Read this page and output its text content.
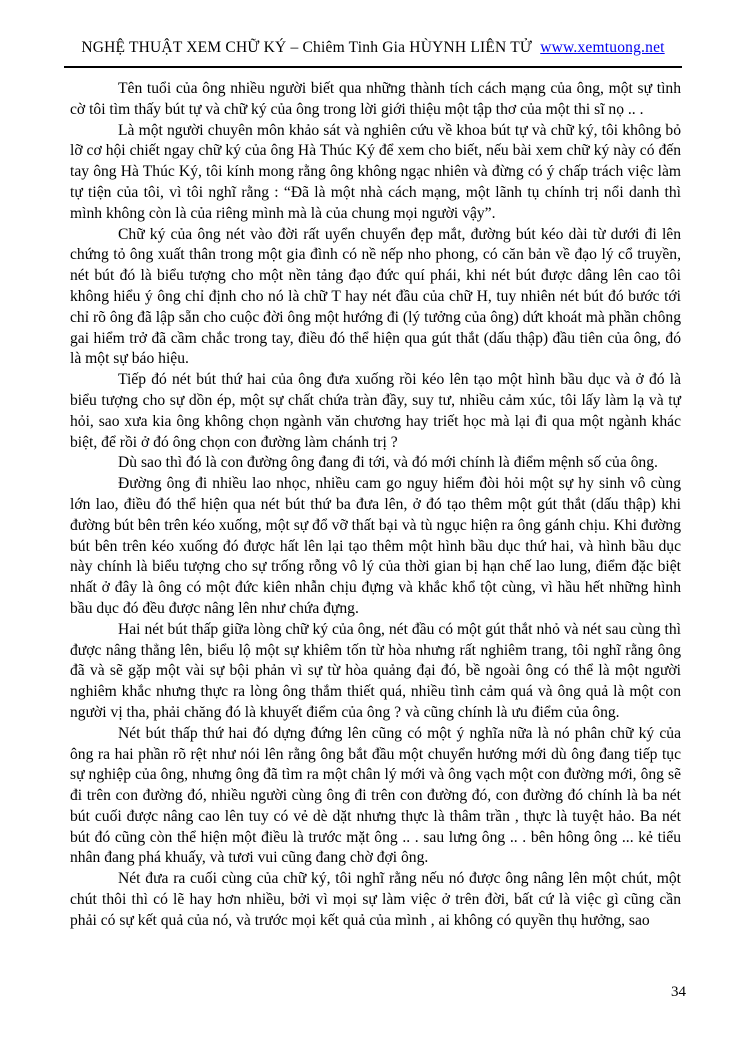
NGHỆ THUẬT XEM CHỮ KÝ – Chiêm Tinh Gia HÙYNH LIÊN TỬ www.xemtuong.net

Tên tuổi của ông nhiều người biết qua những thành tích cách mạng của ông, một sự tình cờ tôi tìm thấy bút tự và chữ ký của ông trong lời giới thiệu một tập thơ của một thi sĩ nọ .. .

Là một người chuyên môn khảo sát và nghiên cứu về khoa bút tự và chữ ký, tôi không bỏ lỡ cơ hội chiết ngay chữ ký của ông Hà Thúc Ký để xem cho biết, nếu bài xem chữ ký này có đến tay ông Hà Thúc Ký, tôi kính mong rằng ông không ngạc nhiên và đừng có ý chấp trách việc làm tự tiện của tôi, vì tôi nghĩ rằng : “Đã là một nhà cách mạng, một lãnh tụ chính trị nổi danh thì mình không còn là của riêng mình mà là của chung mọi người vậy”.

Chữ ký của ông nét vào đời rất uyển chuyển đẹp mắt, đường bút kéo dài từ dưới đi lên chứng tỏ ông xuất thân trong một gia đình có nề nếp nho phong, có căn bản về đạo lý cổ truyền, nét bút đó là biểu tượng cho một nền tảng đạo đức quí phái, khi nét bút được dâng lên cao tôi không hiểu ý ông chỉ định cho nó là chữ T hay nét đầu của chữ H, tuy nhiên nét bút đó bước tới chỉ rõ ông đã lập sẵn cho cuộc đời ông một hướng đi (lý tưởng của ông) dứt khoát mà phần chông gai hiểm trở đã cầm chắc trong tay, điều đó thể hiện qua gút thắt (dấu thập) đầu tiên của ông, đó là một sự báo hiệu.

Tiếp đó nét bút thứ hai của ông đưa xuống rồi kéo lên tạo một hình bầu dục và ở đó là biểu tượng cho sự dồn ép, một sự chất chứa tràn đầy, suy tư, nhiều cảm xúc, tôi lấy làm lạ và tự hỏi, sao xưa kia ông không chọn ngành văn chương hay triết học mà lại đi qua một ngành khác biệt, để rồi ở đó ông chọn con đường làm chánh trị ?

Dù sao thì đó là con đường ông đang đi tới, và đó mới chính là điểm mệnh số của ông.

Đường ông đi nhiều lao nhọc, nhiều cam go nguy hiểm đòi hỏi một sự hy sinh vô cùng lớn lao, điều đó thể hiện qua nét bút thứ ba đưa lên, ở đó tạo thêm một gút thắt (dấu thập) khi đường bút bên trên kéo xuống, một sự đổ vỡ thất bại và tù ngục hiện ra ông gánh chịu. Khi đường bút bên trên kéo xuống đó được hất lên lại tạo thêm một hình bầu dục thứ hai, và hình bầu dục này chính là biểu tượng cho sự trống rỗng vô lý của thời gian bị hạn chế lao lung, điểm đặc biệt nhất ở đây là ông có một đức kiên nhẫn chịu đựng và khắc khổ tột cùng, vì hầu hết những hình bầu dục đó đều được nâng lên như chứa đựng.

Hai nét bút thấp giữa lòng chữ ký của ông, nét đầu có một gút thắt nhỏ và nét sau cùng thì được nâng thẳng lên, biểu lộ một sự khiêm tốn từ hòa nhưng rất nghiêm trang, tôi nghĩ rằng ông đã và sẽ gặp một vài sự bội phản vì sự từ hòa quảng đại đó, bề ngoài ông có thể là một người nghiêm khắc nhưng thực ra lòng ông thắm thiết quá, nhiều tình cảm quá và ông quả là một con người vị tha, phải chăng đó là khuyết điểm của ông ? và cũng chính là ưu điểm của ông.

Nét bút thấp thứ hai đó dựng đứng lên cũng có một ý nghĩa nữa là nó phân chữ ký của ông ra hai phần rõ rệt như nói lên rằng ông bắt đầu một chuyển hướng mới dù ông đang tiếp tục sự nghiệp của ông, nhưng ông đã tìm ra một chân lý mới và ông vạch một con đường mới, ông sẽ đi trên con đường đó, nhiều người cùng ông đi trên con đường đó, con đường đó chính là ba nét bút cuối được nâng cao lên tuy có vẻ dè dặt nhưng thực là thâm trần , thực là tuyệt hảo. Ba nét bút đó cũng còn thể hiện một điều là trước mặt ông .. . sau lưng ông .. . bên hông ông ... kẻ tiểu nhân đang phá khuấy, và tươi vui cũng đang chờ đợi ông.

Nét đưa ra cuối cùng của chữ ký, tôi nghĩ rằng nếu nó được ông nâng lên một chút, một chút thôi thì có lẽ hay hơn nhiều, bởi vì mọi sự làm việc ở trên đời, bất cứ là việc gì cũng cần phải có sự kết quả của nó, và trước mọi kết quả của mình , ai không có quyền thụ hưởng, sao

34
